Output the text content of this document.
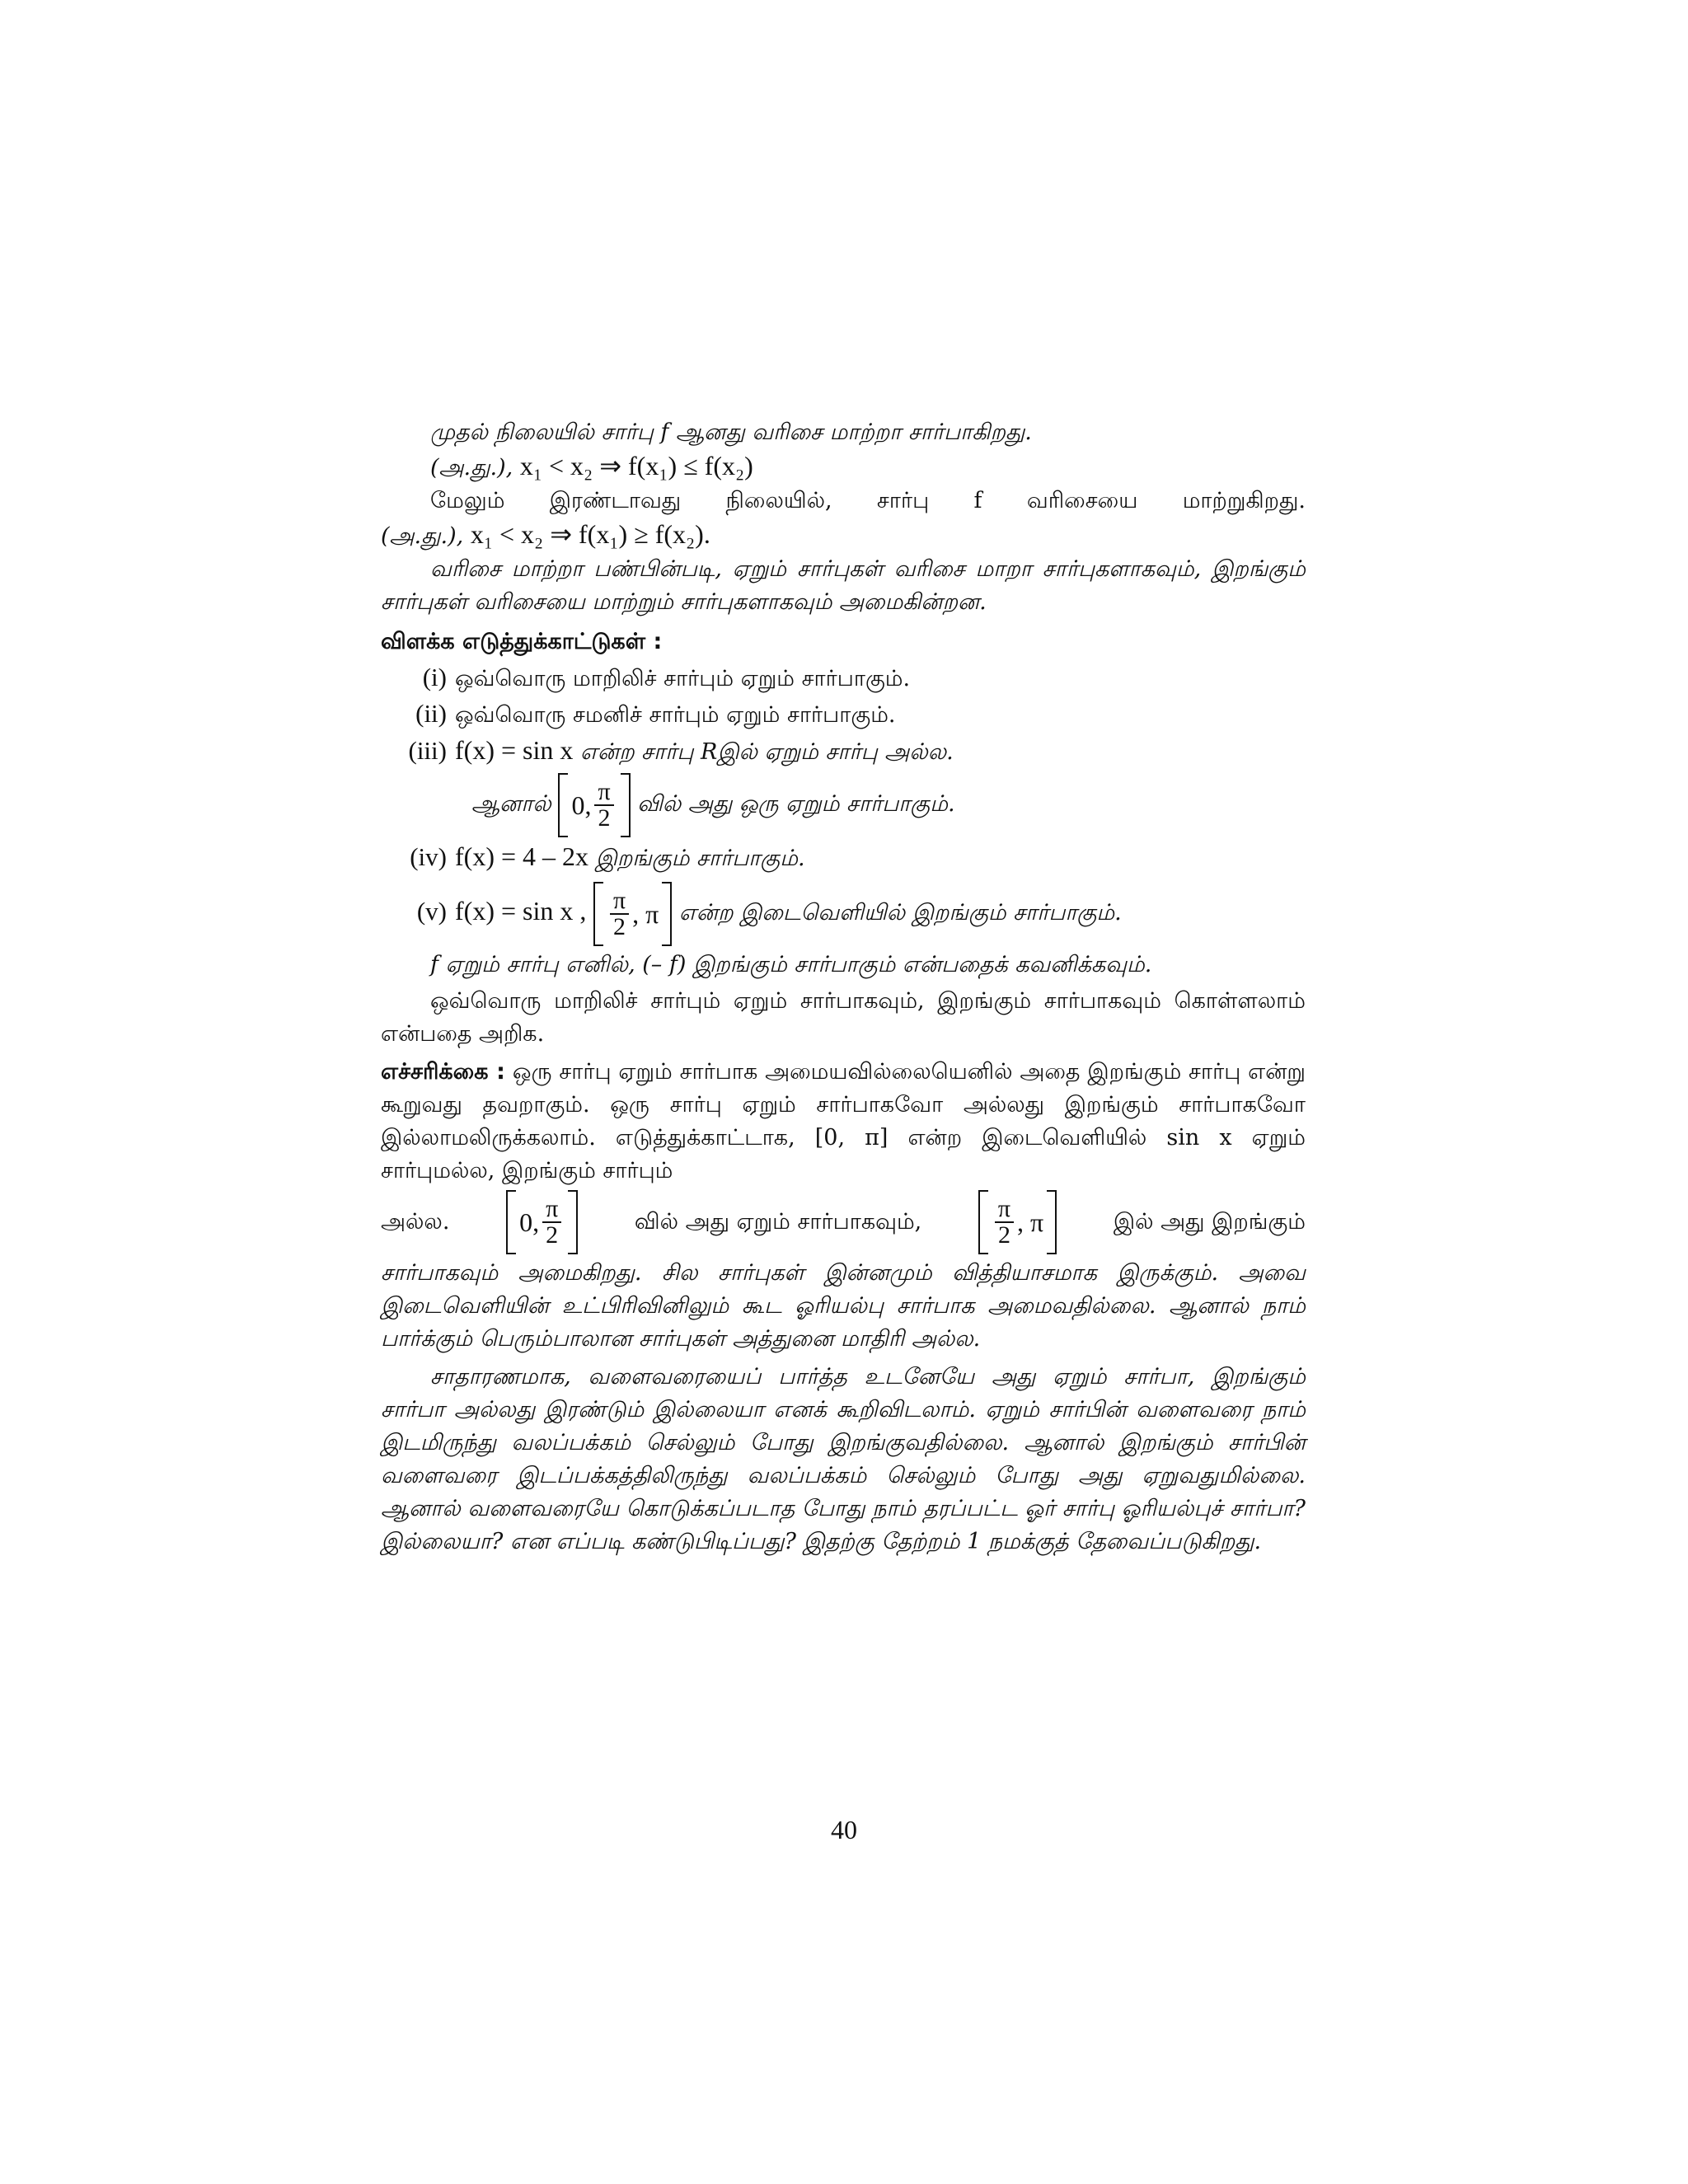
முதல் நிலையில் சார்பு f ஆனது வரிசை மாற்றா சார்பாகிறது.
(அ.து.), x₁ < x₂ ⇒ f(x₁) ≤ f(x₂)
மேலும் இரண்டாவது நிலையில், சார்பு f வரிசையை மாற்றுகிறது.
(அ.து.), x₁ < x₂ ⇒ f(x₁) ≥ f(x₂).
வரிசை மாற்றா பண்பின்படி, ஏறும் சார்புகள் வரிசை மாறா சார்புகளாகவும், இறங்கும் சார்புகள் வரிசையை மாற்றும் சார்புகளாகவும் அமைகின்றன.
விளக்க எடுத்துக்காட்டுகள் :
(i) ஒவ்வொரு மாறிலிச் சார்பும் ஏறும் சார்பாகும்.
(ii) ஒவ்வொரு சமனிச் சார்பும் ஏறும் சார்பாகும்.
(iii) f(x) = sin x என்ற சார்பு Rஇல் ஏறும் சார்பு அல்ல.
ஆனால் 0, $\frac{\pi}{2}$ வில் அது ஒரு ஏறும் சார்பாகும்.
(iv) f(x) = 4 – 2x இறங்கும் சார்பாகும்.
(v) f(x) = sin x , $\frac{\pi}{2}$ , π என்ற இடைவெளியில் இறங்கும் சார்பாகும்.
f ஏறும் சார்பு எனில், (– f) இறங்கும் சார்பாகும் என்பதைக் கவனிக்கவும்.
ஒவ்வொரு மாறிலிச் சார்பும் ஏறும் சார்பாகவும், இறங்கும் சார்பாகவும் கொள்ளலாம் என்பதை அறிக.
எச்சரிக்கை : ஒரு சார்பு ஏறும் சார்பாக அமையவில்லையெனில் அதை இறங்கும் சார்பு என்று கூறுவது தவறாகும். ஒரு சார்பு ஏறும் சார்பாகவோ அல்லது இறங்கும் சார்பாகவோ இல்லாமலிருக்கலாம். எடுத்துக்காட்டாக, [0, π] என்ற இடைவெளியில் sin x ஏறும் சார்புமல்ல, இறங்கும் சார்பும்
அல்ல.	0, $\frac{\pi}{2}$	வில் அது ஏறும் சார்பாகவும்,	$\frac{\pi}{2}$ , π	இல் அது இறங்கும்
சார்பாகவும் அமைகிறது. சில சார்புகள் இன்னமும் வித்தியாசமாக இருக்கும். அவை இடைவெளியின் உட்பிரிவினிலும் கூட ஓரியல்பு சார்பாக அமைவதில்லை. ஆனால் நாம் பார்க்கும் பெரும்பாலான சார்புகள் அத்துனை மாதிரி அல்ல.
சாதாரணமாக, வளைவரையைப் பார்த்த உடனேயே அது ஏறும் சார்பா, இறங்கும் சார்பா அல்லது இரண்டும் இல்லையா எனக் கூறிவிடலாம். ஏறும் சார்பின் வளைவரை நாம் இடமிருந்து வலப்பக்கம் செல்லும் போது இறங்குவதில்லை. ஆனால் இறங்கும் சார்பின் வளைவரை இடப்பக்கத்திலிருந்து வலப்பக்கம் செல்லும் போது அது ஏறுவதுமில்லை. ஆனால் வளைவரையே கொடுக்கப்படாத போது நாம் தரப்பட்ட ஓர் சார்பு ஓரியல்புச் சார்பா? இல்லையா? என எப்படி கண்டுபிடிப்பது? இதற்கு தேற்றம் 1 நமக்குத் தேவைப்படுகிறது.
40
